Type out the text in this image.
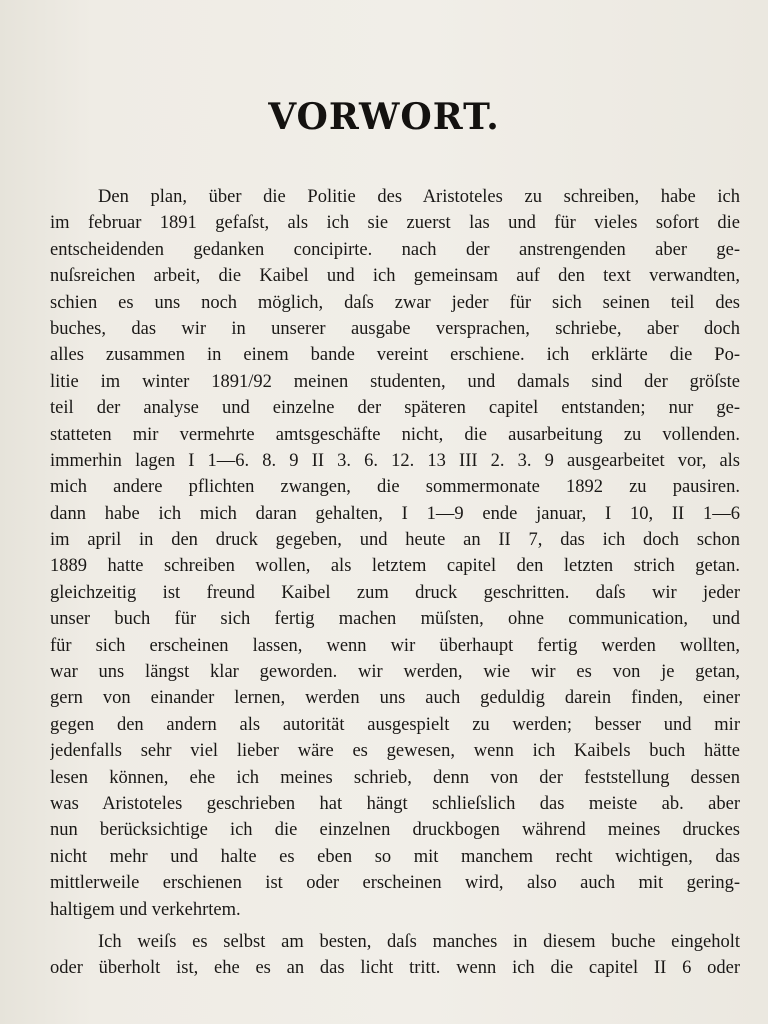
VORWORT.
Den plan, über die Politie des Aristoteles zu schreiben, habe ich
im februar 1891 gefaſst, als ich sie zuerst las und für vieles sofort die
entscheidenden gedanken concipirte. nach der anstrengenden aber ge-
nuſsreichen arbeit, die Kaibel und ich gemeinsam auf den text verwandten,
schien es uns noch möglich, daſs zwar jeder für sich seinen teil des
buches, das wir in unserer ausgabe versprachen, schriebe, aber doch
alles zusammen in einem bande vereint erschiene. ich erklärte die Po-
litie im winter 1891/92 meinen studenten, und damals sind der gröſste
teil der analyse und einzelne der späteren capitel entstanden; nur ge-
statteten mir vermehrte amtsgeschäfte nicht, die ausarbeitung zu vollenden.
immerhin lagen I 1—6. 8. 9 II 3. 6. 12. 13 III 2. 3. 9 ausgearbeitet vor, als
mich andere pflichten zwangen, die sommermonate 1892 zu pausiren.
dann habe ich mich daran gehalten, I 1—9 ende januar, I 10, II 1—6
im april in den druck gegeben, und heute an II 7, das ich doch schon
1889 hatte schreiben wollen, als letztem capitel den letzten strich getan.
gleichzeitig ist freund Kaibel zum druck geschritten. daſs wir jeder
unser buch für sich fertig machen müſsten, ohne communication, und
für sich erscheinen lassen, wenn wir überhaupt fertig werden wollten,
war uns längst klar geworden. wir werden, wie wir es von je getan,
gern von einander lernen, werden uns auch geduldig darein finden, einer
gegen den andern als autorität ausgespielt zu werden; besser und mir
jedenfalls sehr viel lieber wäre es gewesen, wenn ich Kaibels buch hätte
lesen können, ehe ich meines schrieb, denn von der feststellung dessen
was Aristoteles geschrieben hat hängt schlieſslich das meiste ab. aber
nun berücksichtige ich die einzelnen druckbogen während meines druckes
nicht mehr und halte es eben so mit manchem recht wichtigen, das
mittlerweile erschienen ist oder erscheinen wird, also auch mit gering-
haltigem und verkehrtem.
Ich weiſs es selbst am besten, daſs manches in diesem buche eingeholt
oder überholt ist, ehe es an das licht tritt. wenn ich die capitel II 6 oder
